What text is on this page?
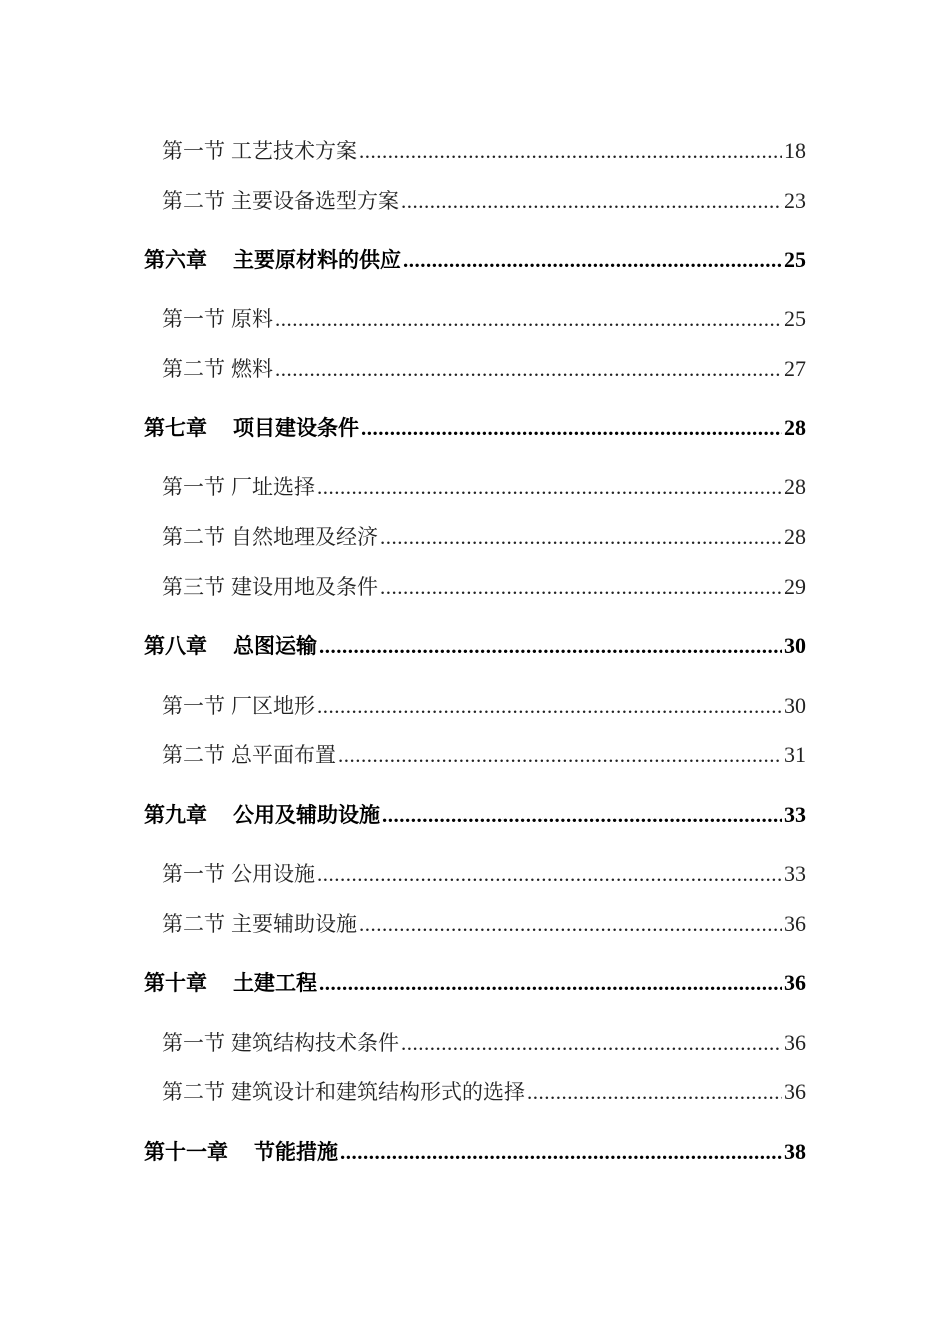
第一节 工艺技术方案 .....	18
第二节 主要设备选型方案 .....	23
第六章 主要原材料的供应 .....	25
第一节 原料 .....	25
第二节 燃料 .....	27
第七章 项目建设条件 .....	28
第一节 厂址选择 .....	28
第二节 自然地理及经济 .....	28
第三节 建设用地及条件 .....	29
第八章 总图运输 .....	30
第一节 厂区地形 .....	30
第二节 总平面布置 .....	31
第九章 公用及辅助设施 .....	33
第一节 公用设施 .....	33
第二节 主要辅助设施 .....	36
第十章 土建工程 .....	36
第一节 建筑结构技术条件 .....	36
第二节 建筑设计和建筑结构形式的选择 .....	36
第十一章 节能措施 .....	38
